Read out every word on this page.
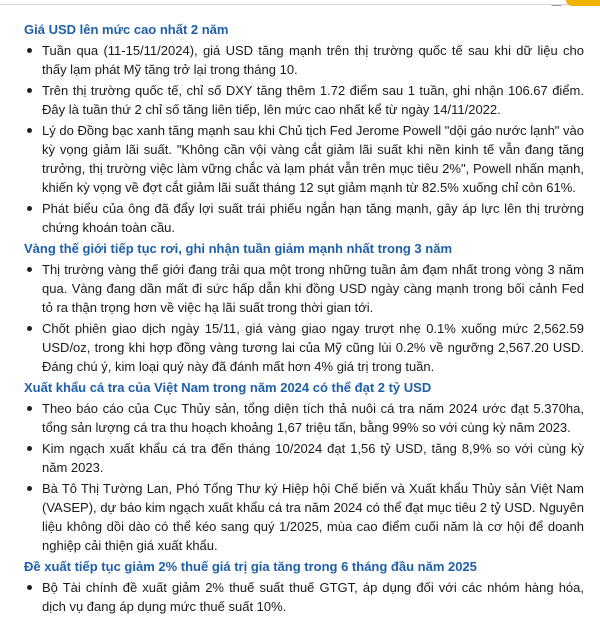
Giá USD lên mức cao nhất 2 năm
Tuần qua (11-15/11/2024), giá USD tăng mạnh trên thị trường quốc tế sau khi dữ liệu cho thấy lạm phát Mỹ tăng trở lại trong tháng 10.
Trên thị trường quốc tế, chỉ số DXY tăng thêm 1.72 điểm sau 1 tuần, ghi nhận 106.67 điểm. Đây là tuần thứ 2 chỉ số tăng liên tiếp, lên mức cao nhất kể từ ngày 14/11/2022.
Lý do Đồng bạc xanh tăng mạnh sau khi Chủ tịch Fed Jerome Powell "dội gáo nước lạnh" vào kỳ vọng giảm lãi suất. "Không cần vội vàng cắt giảm lãi suất khi nền kinh tế vẫn đang tăng trưởng, thị trường việc làm vững chắc và lạm phát vẫn trên mục tiêu 2%", Powell nhấn mạnh, khiến kỳ vọng về đợt cắt giảm lãi suất tháng 12 sụt giảm mạnh từ 82.5% xuống chỉ còn 61%.
Phát biểu của ông đã đẩy lợi suất trái phiếu ngắn hạn tăng mạnh, gây áp lực lên thị trường chứng khoán toàn cầu.
Vàng thế giới tiếp tục rơi, ghi nhận tuần giảm mạnh nhất trong 3 năm
Thị trường vàng thế giới đang trải qua một trong những tuần ảm đạm nhất trong vòng 3 năm qua. Vàng đang dần mất đi sức hấp dẫn khi đồng USD ngày càng mạnh trong bối cảnh Fed tỏ ra thận trọng hơn về việc hạ lãi suất trong thời gian tới.
Chốt phiên giao dịch ngày 15/11, giá vàng giao ngay trượt nhẹ 0.1% xuống mức 2,562.59 USD/oz, trong khi hợp đồng vàng tương lai của Mỹ cũng lùi 0.2% về ngưỡng 2,567.20 USD. Đáng chú ý, kim loại quý này đã đánh mất hơn 4% giá trị trong tuần.
Xuất khẩu cá tra của Việt Nam trong năm 2024 có thể đạt 2 tỷ USD
Theo báo cáo của Cục Thủy sản, tổng diện tích thả nuôi cá tra năm 2024 ước đạt 5.370ha, tổng sản lượng cá tra thu hoạch khoảng 1,67 triệu tấn, bằng 99% so với cùng kỳ năm 2023.
Kim ngạch xuất khẩu cá tra đến tháng 10/2024 đạt 1,56 tỷ USD, tăng 8,9% so với cùng kỳ năm 2023.
Bà Tô Thị Tường Lan, Phó Tổng Thư ký Hiệp hội Chế biến và Xuất khẩu Thủy sản Việt Nam (VASEP), dự báo kim ngạch xuất khẩu cá tra năm 2024 có thể đạt mục tiêu 2 tỷ USD. Nguyên liệu không dồi dào có thể kéo sang quý 1/2025, mùa cao điểm cuối năm là cơ hội để doanh nghiệp cải thiện giá xuất khẩu.
Đề xuất tiếp tục giảm 2% thuế giá trị gia tăng trong 6 tháng đầu năm 2025
Bộ Tài chính đề xuất giảm 2% thuế suất thuế GTGT, áp dụng đối với các nhóm hàng hóa, dịch vụ đang áp dụng mức thuế suất 10%.
